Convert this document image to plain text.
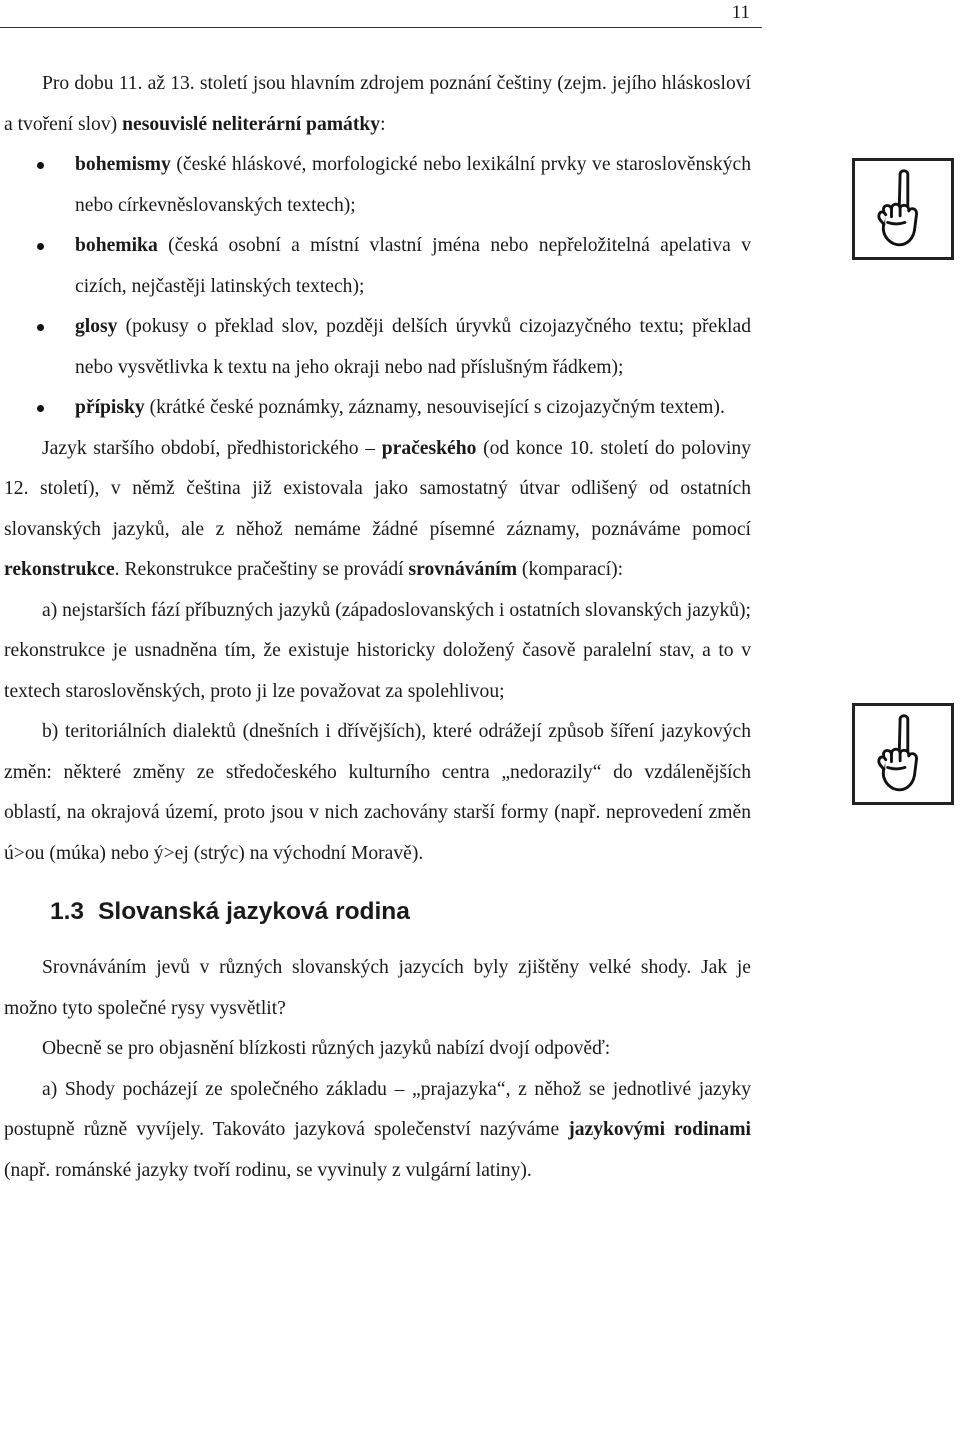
11

Pro dobu 11. až 13. století jsou hlavním zdrojem poznání češtiny (zejm. jejího hláskosloví a tvoření slov) nesouvislé neliterární památky:

bohemismy (české hláskové, morfologické nebo lexikální prvky ve staroslověnských nebo církevněslovanských textech);
bohemika (česká osobní a místní vlastní jména nebo nepřeložitelná apelativa v cizích, nejčastěji latinských textech);
glosy (pokusy o překlad slov, později delších úryvků cizojazyčného textu; překlad nebo vysvětlivka k textu na jeho okraji nebo nad příslušným řádkem);
přípisky (krátké české poznámky, záznamy, nesouvisející s cizojazyčným textem).

Jazyk staršího období, předhistorického – pračeského (od konce 10. století do poloviny 12. století), v němž čeština již existovala jako samostatný útvar odlišený od ostatních slovanských jazyků, ale z něhož nemáme žádné písemné záznamy, poznáváme pomocí rekonstrukce. Rekonstrukce pračeštiny se provádí srovnáváním (komparací):

a) nejstarších fází příbuzných jazyků (západoslovanských i ostatních slovanských jazyků); rekonstrukce je usnadněna tím, že existuje historicky doložený časově paralelní stav, a to v textech staroslověnských, proto ji lze považovat za spolehlivou;

b) teritoriálních dialektů (dnešních i dřívějších), které odrážejí způsob šíření jazykových změn: některé změny ze středočeského kulturního centra „nedorazily“ do vzdálenějších oblastí, na okrajová území, proto jsou v nich zachovány starší formy (např. neprovedení změn ú>ou (múka) nebo ý>ej (strýc) na východní Moravě).

1.3 Slovanská jazyková rodina

Srovnáváním jevů v různých slovanských jazycích byly zjištěny velké shody. Jak je možno tyto společné rysy vysvětlit?

Obecně se pro objasnění blízkosti různých jazyků nabízí dvojí odpověď:

a) Shody pocházejí ze společného základu – „prajazyka“, z něhož se jednotlivé jazyky postupně různě vyvíjely. Takováto jazyková společenství nazýváme jazykovými rodinami (např. románské jazyky tvoří rodinu, se vyvinuly z vulgární latiny).
